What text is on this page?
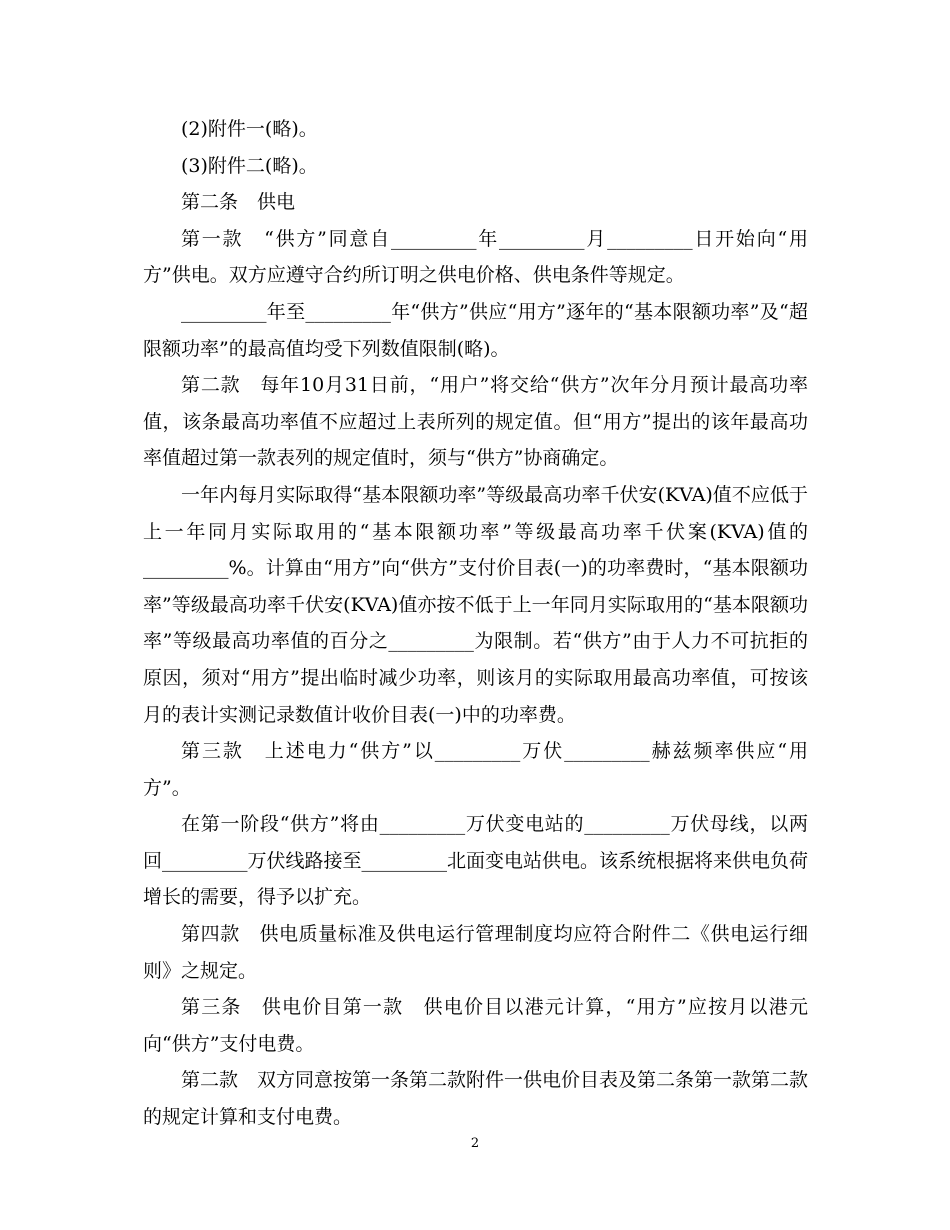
(2)附件一(略)。

(3)附件二(略)。

第二条　供电

第一款　“供方”同意自_________年_________月_________日开始向“用方”供电。双方应遵守合约所订明之供电价格、供电条件等规定。

_________年至_________年“供方”供应“用方”逐年的“基本限额功率”及“超限额功率”的最高值均受下列数值限制(略)。

第二款　每年10月31日前，“用户”将交给“供方”次年分月预计最高功率值，该条最高功率值不应超过上表所列的规定值。但“用方”提出的该年最高功率值超过第一款表列的规定值时，须与“供方”协商确定。

一年内每月实际取得“基本限额功率”等级最高功率千伏安(KVA)值不应低于上一年同月实际取用的“基本限额功率”等级最高功率千伏案(KVA)值的_________%。计算由“用方”向“供方”支付价目表(一)的功率费时，“基本限额功率”等级最高功率千伏安(KVA)值亦按不低于上一年同月实际取用的“基本限额功率”等级最高功率值的百分之_________为限制。若“供方”由于人力不可抗拒的原因，须对“用方”提出临时减少功率，则该月的实际取用最高功率值，可按该月的表计实测记录数值计收价目表(一)中的功率费。

第三款　上述电力“供方”以_________万伏_________赫兹频率供应“用方”。

在第一阶段“供方”将由_________万伏变电站的_________万伏母线，以两回_________万伏线路接至_________北面变电站供电。该系统根据将来供电负荷增长的需要，得予以扩充。

第四款　供电质量标准及供电运行管理制度均应符合附件二《供电运行细则》之规定。

第三条　供电价目第一款　供电价目以港元计算，“用方”应按月以港元向“供方”支付电费。

第二款　双方同意按第一条第二款附件一供电价目表及第二条第一款第二款的规定计算和支付电费。

2
